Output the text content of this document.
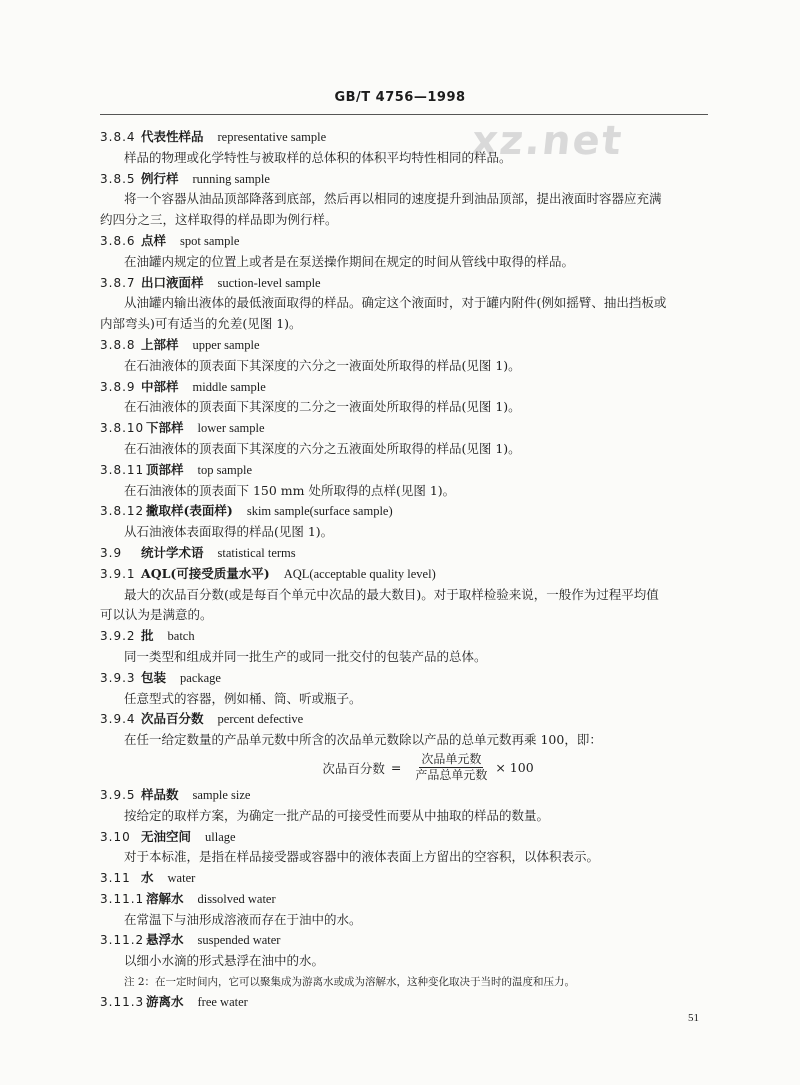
xz.net
GB/T 4756—1998
3.8.4 代表性样品 representative sample
样品的物理或化学特性与被取样的总体积的体积平均特性相同的样品。
3.8.5 例行样 running sample
将一个容器从油品顶部降落到底部，然后再以相同的速度提升到油品顶部，提出液面时容器应充满
约四分之三，这样取得的样品即为例行样。
3.8.6 点样 spot sample
在油罐内规定的位置上或者是在泵送操作期间在规定的时间从管线中取得的样品。
3.8.7 出口液面样 suction-level sample
从油罐内输出液体的最低液面取得的样品。确定这个液面时，对于罐内附件(例如摇臂、抽出挡板或
内部弯头)可有适当的允差(见图 1)。
3.8.8 上部样 upper sample
在石油液体的顶表面下其深度的六分之一液面处所取得的样品(见图 1)。
3.8.9 中部样 middle sample
在石油液体的顶表面下其深度的二分之一液面处所取得的样品(见图 1)。
3.8.10 下部样 lower sample
在石油液体的顶表面下其深度的六分之五液面处所取得的样品(见图 1)。
3.8.11 顶部样 top sample
在石油液体的顶表面下 150 mm 处所取得的点样(见图 1)。
3.8.12 撇取样(表面样) skim sample(surface sample)
从石油液体表面取得的样品(见图 1)。
3.9 统计学术语 statistical terms
3.9.1 AQL(可接受质量水平) AQL(acceptable quality level)
最大的次品百分数(或是每百个单元中次品的最大数目)。对于取样检验来说，一般作为过程平均值
可以认为是满意的。
3.9.2 批 batch
同一类型和组成并同一批生产的或同一批交付的包装产品的总体。
3.9.3 包装 package
任意型式的容器，例如桶、筒、听或瓶子。
3.9.4 次品百分数 percent defective
在任一给定数量的产品单元数中所含的次品单元数除以产品的总单元数再乘 100，即：
次品百分数 = $\frac{\text{次品单元数}}{\text{产品总单元数}} \times 100$
3.9.5 样品数 sample size
按给定的取样方案，为确定一批产品的可接受性而要从中抽取的样品的数量。
3.10 无油空间 ullage
对于本标准，是指在样品接受器或容器中的液体表面上方留出的空容积，以体积表示。
3.11 水 water
3.11.1 溶解水 dissolved water
在常温下与油形成溶液而存在于油中的水。
3.11.2 悬浮水 suspended water
以细小水滴的形式悬浮在油中的水。
注 2：在一定时间内，它可以聚集成为游离水或成为溶解水，这种变化取决于当时的温度和压力。
3.11.3 游离水 free water
51
